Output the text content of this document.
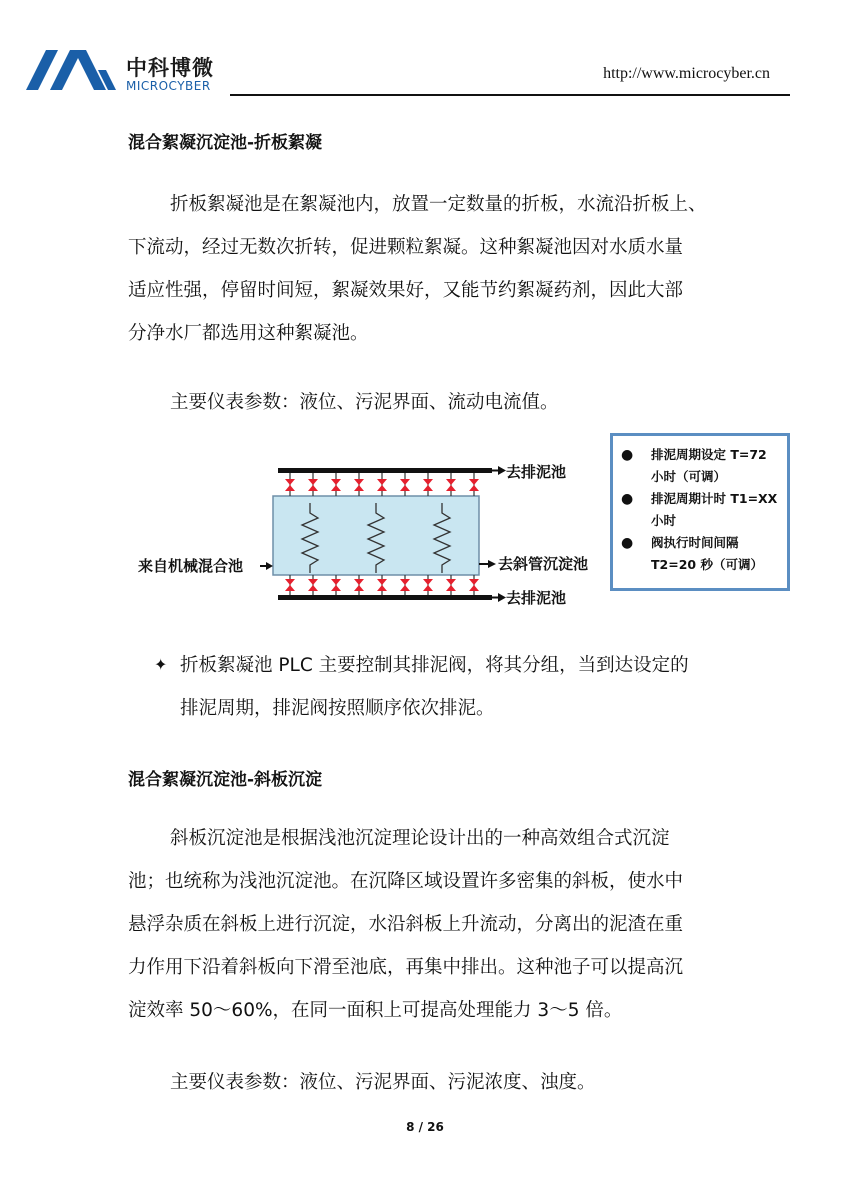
中科博微
MICROCYBER
http://www.microcyber.cn
混合絮凝沉淀池-折板絮凝
折板絮凝池是在絮凝池内，放置一定数量的折板，水流沿折板上、
下流动，经过无数次折转，促进颗粒絮凝。这种絮凝池因对水质水量
适应性强，停留时间短，絮凝效果好，又能节约絮凝药剂，因此大部
分净水厂都选用这种絮凝池。
主要仪表参数：液位、污泥界面、流动电流值。
去排泥池
来自机械混合池	去斜管沉淀池
去排泥池
●	排泥周期设定 T=72 小时（可调）
●	排泥周期计时 T1=XX 小时
●	阀执行时间间隔 T2=20 秒（可调）
✦ 折板絮凝池 PLC 主要控制其排泥阀，将其分组，当到达设定的
排泥周期，排泥阀按照顺序依次排泥。
混合絮凝沉淀池-斜板沉淀
斜板沉淀池是根据浅池沉淀理论设计出的一种高效组合式沉淀
池；也统称为浅池沉淀池。在沉降区域设置许多密集的斜板，使水中
悬浮杂质在斜板上进行沉淀，水沿斜板上升流动，分离出的泥渣在重
力作用下沿着斜板向下滑至池底，再集中排出。这种池子可以提高沉
淀效率 50～60%，在同一面积上可提高处理能力 3～5 倍。
主要仪表参数：液位、污泥界面、污泥浓度、浊度。
8 / 26
